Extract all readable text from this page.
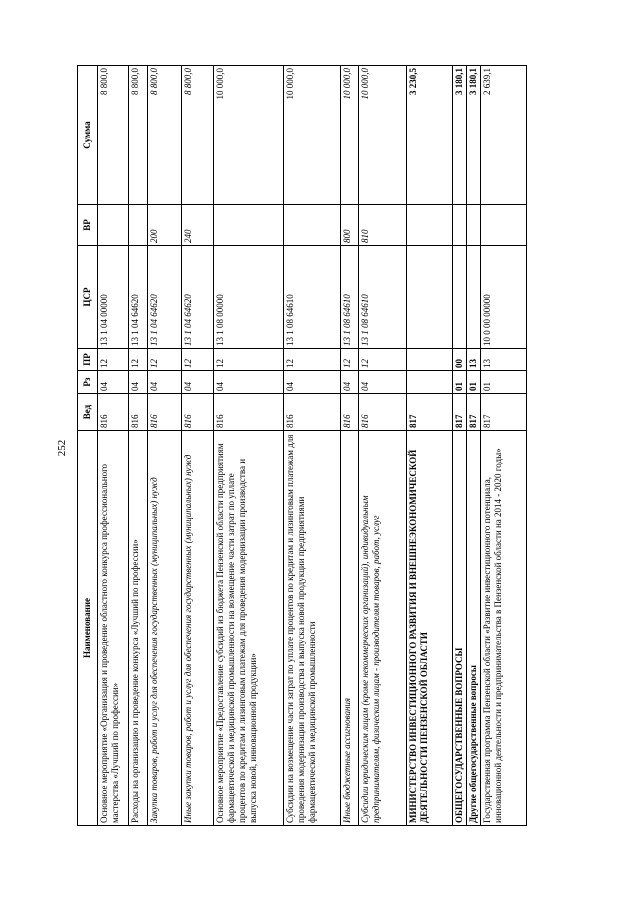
252
Наименование	Вед	Рз	ПР	ЦСР	ВР	Сумма
Основное мероприятие «Организация и проведение областного конкурса профессионального мастерства «Лучший по профессии»	816	04	12	13 1 04 00000		8 800,0
Расходы на организацию и проведение конкурса «Лучший по профессии»	816	04	12	13 1 04 64620		8 800,0
Закупка товаров, работ и услуг для обеспечения государственных (муниципальных) нужд	816	04	12	13 1 04 64620	200	8 800,0
Иные закупки товаров, работ и услуг для обеспечения государственных (муниципальных) нужд	816	04	12	13 1 04 64620	240	8 800,0
Основное мероприятие «Предоставление субсидий из бюджета Пензенской области предприятиям фармацевтической и медицинской промышленности на возмещение части затрат по уплате процентов по кредитам и лизинговым платежам для проведения модернизации производства и выпуска новой, инновационной продукции»	816	04	12	13 1 08 00000		10 000,0
Субсидии на возмещение части затрат по уплате процентов по кредитам и лизинговым платежам для проведения модернизации производства и выпуска новой продукции предприятиями фармацевтической и медицинской промышленности	816	04	12	13 1 08 64610		10 000,0
Иные бюджетные ассигнования	816	04	12	13 1 08 64610	800	10 000,0
Субсидии юридическим лицам (кроме некоммерческих организаций), индивидуальным предпринимателям, физическим лицам - производителям товаров, работ, услуг	816	04	12	13 1 08 64610	810	10 000,0
МИНИСТЕРСТВО ИНВЕСТИЦИОННОГО РАЗВИТИЯ И ВНЕШНЕЭКОНОМИЧЕСКОЙ ДЕЯТЕЛЬНОСТИ ПЕНЗЕНСКОЙ ОБЛАСТИ	817					3 230,5
ОБЩЕГОСУДАРСТВЕННЫЕ ВОПРОСЫ	817	01	00			3 180,1
Другие общегосударственные вопросы	817	01	13			3 180,1
Государственная программа Пензенской области «Развитие инвестиционного потенциала, инновационной деятельности и предпринимательства в Пензенской области на 2014 - 2020 годы»	817	01	13	10 0 00 00000		2 639,1
